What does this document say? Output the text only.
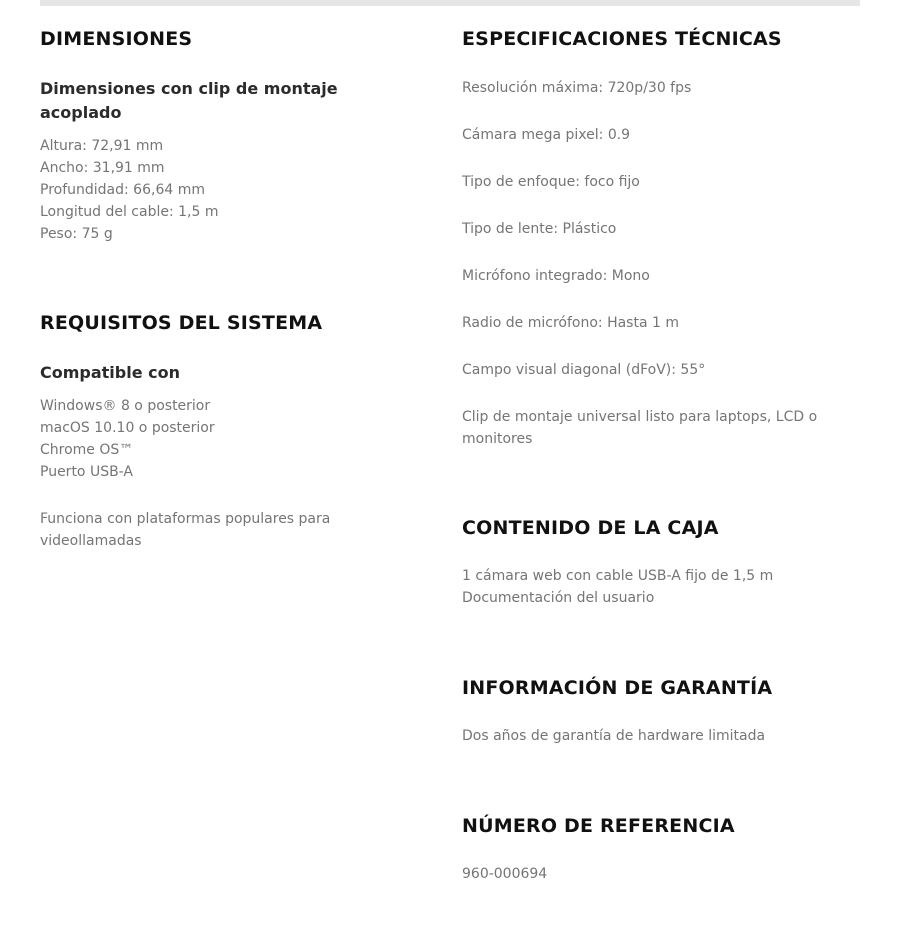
DIMENSIONES
Dimensiones con clip de montaje acoplado

Altura: 72,91 mm

Ancho: 31,91 mm

Profundidad: 66,64 mm

Longitud del cable: 1,5 m

Peso: 75 g

REQUISITOS DEL SISTEMA
Compatible con

Windows® 8 o posterior

macOS 10.10 o posterior

Chrome OS™

Puerto USB-A

Funciona con plataformas populares para videollamadas

ESPECIFICACIONES TÉCNICAS

Resolución máxima: 720p/30 fps

Cámara mega pixel: 0.9

Tipo de enfoque: foco fijo

Tipo de lente: Plástico

Micrófono integrado: Mono

Radio de micrófono: Hasta 1 m

Campo visual diagonal (dFoV): 55°

Clip de montaje universal listo para laptops, LCD o monitores

CONTENIDO DE LA CAJA

1 cámara web con cable USB-A fijo de 1,5 m

Documentación del usuario

INFORMACIÓN DE GARANTÍA

Dos años de garantía de hardware limitada

NÚMERO DE REFERENCIA

960-000694
